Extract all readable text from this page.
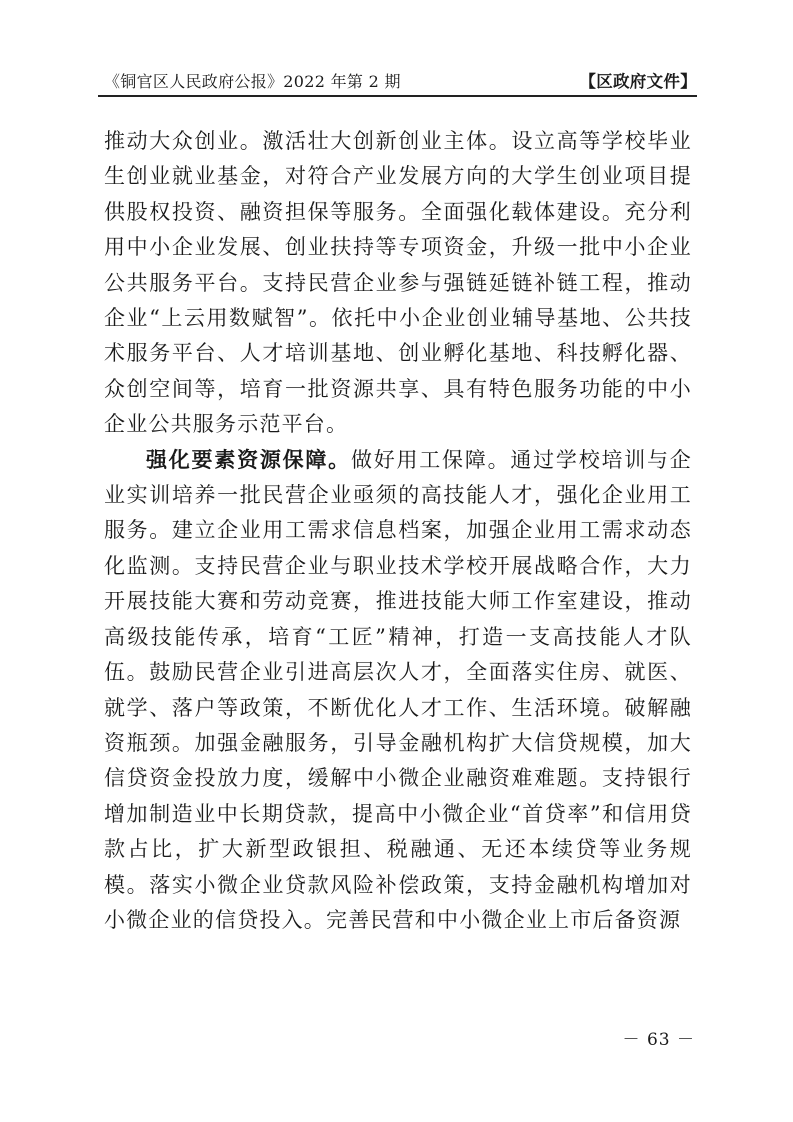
《铜官区人民政府公报》2022 年第 2 期	【区政府文件】

推动大众创业。激活壮大创新创业主体。设立高等学校毕业生创业就业基金，对符合产业发展方向的大学生创业项目提供股权投资、融资担保等服务。全面强化载体建设。充分利用中小企业发展、创业扶持等专项资金，升级一批中小企业公共服务平台。支持民营企业参与强链延链补链工程，推动企业“上云用数赋智”。依托中小企业创业辅导基地、公共技术服务平台、人才培训基地、创业孵化基地、科技孵化器、众创空间等，培育一批资源共享、具有特色服务功能的中小企业公共服务示范平台。

强化要素资源保障。做好用工保障。通过学校培训与企业实训培养一批民营企业亟须的高技能人才，强化企业用工服务。建立企业用工需求信息档案，加强企业用工需求动态化监测。支持民营企业与职业技术学校开展战略合作，大力开展技能大赛和劳动竞赛，推进技能大师工作室建设，推动高级技能传承，培育“工匠”精神，打造一支高技能人才队伍。鼓励民营企业引进高层次人才，全面落实住房、就医、就学、落户等政策，不断优化人才工作、生活环境。破解融资瓶颈。加强金融服务，引导金融机构扩大信贷规模，加大信贷资金投放力度，缓解中小微企业融资难难题。支持银行增加制造业中长期贷款，提高中小微企业“首贷率”和信用贷款占比，扩大新型政银担、税融通、无还本续贷等业务规模。落实小微企业贷款风险补偿政策，支持金融机构增加对小微企业的信贷投入。完善民营和中小微企业上市后备资源

－ 63 －
